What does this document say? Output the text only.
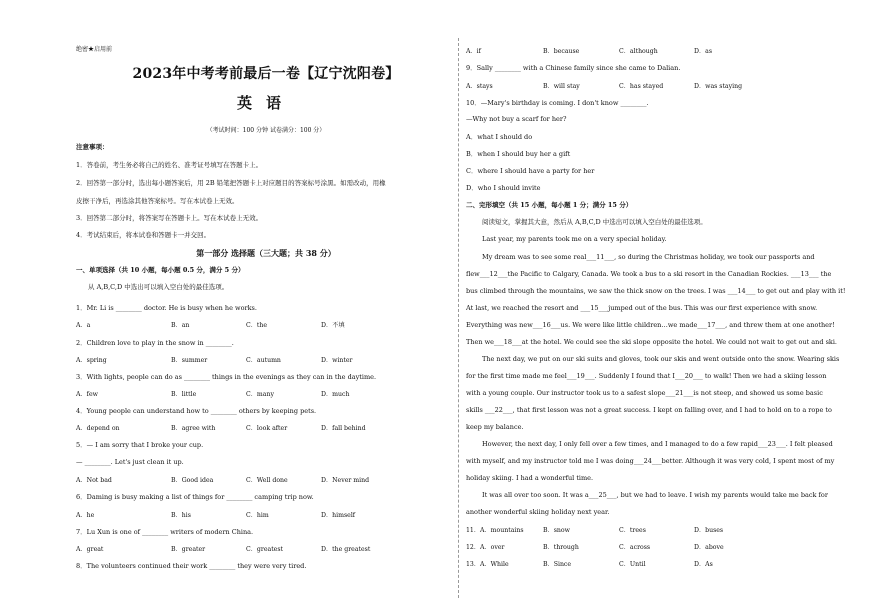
绝密★启用前
2023年中考考前最后一卷【辽宁沈阳卷】
英语
（考试时间：100 分钟 试卷满分：100 分）
注意事项：
1．答卷前，考生务必将自己的姓名、准考证号填写在答题卡上。
2．回答第一部分时，选出每小题答案后，用 2B 铅笔把答题卡上对应题目的答案标号涂黑。如需改动，用橡
皮擦干净后，再选涂其他答案标号。写在本试卷上无效。
3．回答第二部分时，将答案写在答题卡上。写在本试卷上无效。
4．考试结束后，将本试卷和答题卡一并交回。
第一部分 选择题（三大题；共 38 分）
一、单项选择（共 10 小题，每小题 0.5 分，满分 5 分）
从 A,B,C,D 中选出可以填入空白处的最佳选项。
1．Mr. Li is ________ doctor. He is busy when he works.
A．a	B．an	C．the	D．不填
2．Children love to play in the snow in ________.
A．spring	B．summer	C．autumn	D．winter
3．With lights, people can do as ________ things in the evenings as they can in the daytime.
A．few	B．little	C．many	D．much
4．Young people can understand how to ________ others by keeping pets.
A．depend on	B．agree with	C．look after	D．fall behind
5．— I am sorry that I broke your cup.
— ________. Let's just clean it up.
A．Not bad	B．Good idea	C．Well done	D．Never mind
6．Daming is busy making a list of things for ________ camping trip now.
A．he	B．his	C．him	D．himself
7．Lu Xun is one of ________ writers of modern China.
A．great	B．greater	C．greatest	D．the greatest
8．The volunteers continued their work ________ they were very tired.
A．if	B．because	C．although	D．as
9．Sally ________ with a Chinese family since she came to Dalian.
A．stays	B．will stay	C．has stayed	D．was staying
10．—Mary's birthday is coming. I don't know ________.
—Why not buy a scarf for her?
A．what I should do
B．when I should buy her a gift
C．where I should have a party for her
D．who I should invite
二、完形填空（共 15 小题，每小题 1 分；满分 15 分）
阅读短文，掌握其大意，然后从 A,B,C,D 中选出可以填入空白处的最佳选项。
Last year, my parents took me on a very special holiday.
My dream was to see some real___11___, so during the Christmas holiday, we took our passports and
flew___12___the Pacific to Calgary, Canada. We took a bus to a ski resort in the Canadian Rockies. ___13___ the
bus climbed through the mountains, we saw the thick snow on the trees. I was ___14___ to get out and play with it!
At last, we reached the resort and ___15___jumped out of the bus. This was our first experience with snow.
Everything was new___16___us. We were like little children…we made___17___, and threw them at one another!
Then we___18___at the hotel. We could see the ski slope opposite the hotel. We could not wait to get out and ski.
The next day, we put on our ski suits and gloves, took our skis and went outside onto the snow. Wearing skis
for the first time made me feel___19___. Suddenly I found that I___20___ to walk! Then we had a skiing lesson
with a young couple. Our instructor took us to a safest slope___21___is not steep, and showed us some basic
skills ___22___, that first lesson was not a great success. I kept on falling over, and I had to hold on to a rope to
keep my balance.
However, the next day, I only fell over a few times, and I managed to do a few rapid___23___. I felt pleased
with myself, and my instructor told me I was doing___24___better. Although it was very cold, I spent most of my
holiday skiing. I had a wonderful time.
It was all over too soon. It was a___25___, but we had to leave. I wish my parents would take me back for
another wonderful skiing holiday next year.
11． A．mountains	B．snow	C．trees	D．buses
12． A．over	B．through	C．across	D．above
13． A．While	B．Since	C．Until	D．As
